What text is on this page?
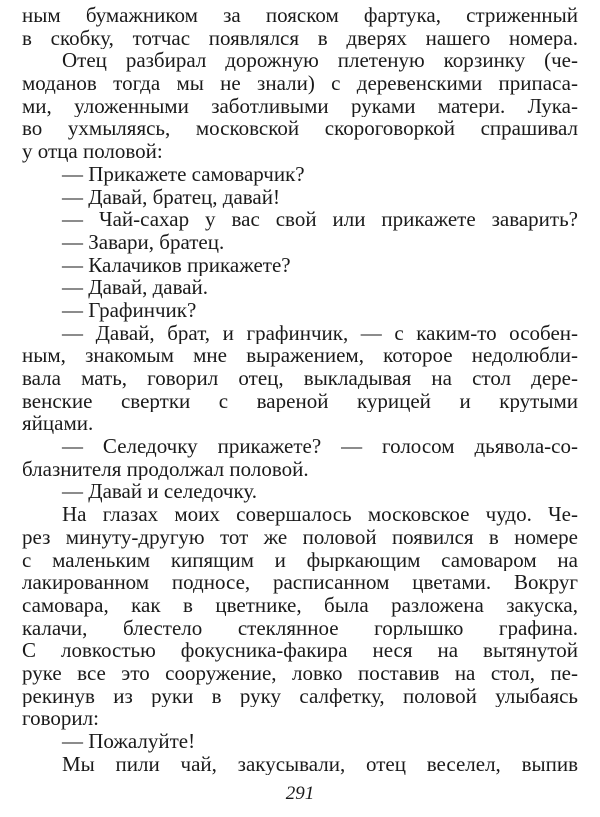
ным бумажником за пояском фартука, стриженный
в скобку, тотчас появлялся в дверях нашего номера.
Отец разбирал дорожную плетеную корзинку (че-
моданов тогда мы не знали) с деревенскими припаса-
ми, уложенными заботливыми руками матери. Лука-
во ухмыляясь, московской скороговоркой спрашивал
у отца половой:
— Прикажете самоварчик?
— Давай, братец, давай!
— Чай-сахар у вас свой или прикажете заварить?
— Завари, братец.
— Калачиков прикажете?
— Давай, давай.
— Графинчик?
— Давай, брат, и графинчик, — с каким-то особен-
ным, знакомым мне выражением, которое недолюбли-
вала мать, говорил отец, выкладывая на стол дере-
венские свертки с вареной курицей и крутыми
яйцами.
— Селедочку прикажете? — голосом дьявола-со-
блазнителя продолжал половой.
— Давай и селедочку.
На глазах моих совершалось московское чудо. Че-
рез минуту-другую тот же половой появился в номере
с маленьким кипящим и фыркающим самоваром на
лакированном подносе, расписанном цветами. Вокруг
самовара, как в цветнике, была разложена закуска,
калачи, блестело стеклянное горлышко графина.
С ловкостью фокусника-факира неся на вытянутой
руке все это сооружение, ловко поставив на стол, пе-
рекинув из руки в руку салфетку, половой улыбаясь
говорил:
— Пожалуйте!
Мы пили чай, закусывали, отец веселел, выпив
291
